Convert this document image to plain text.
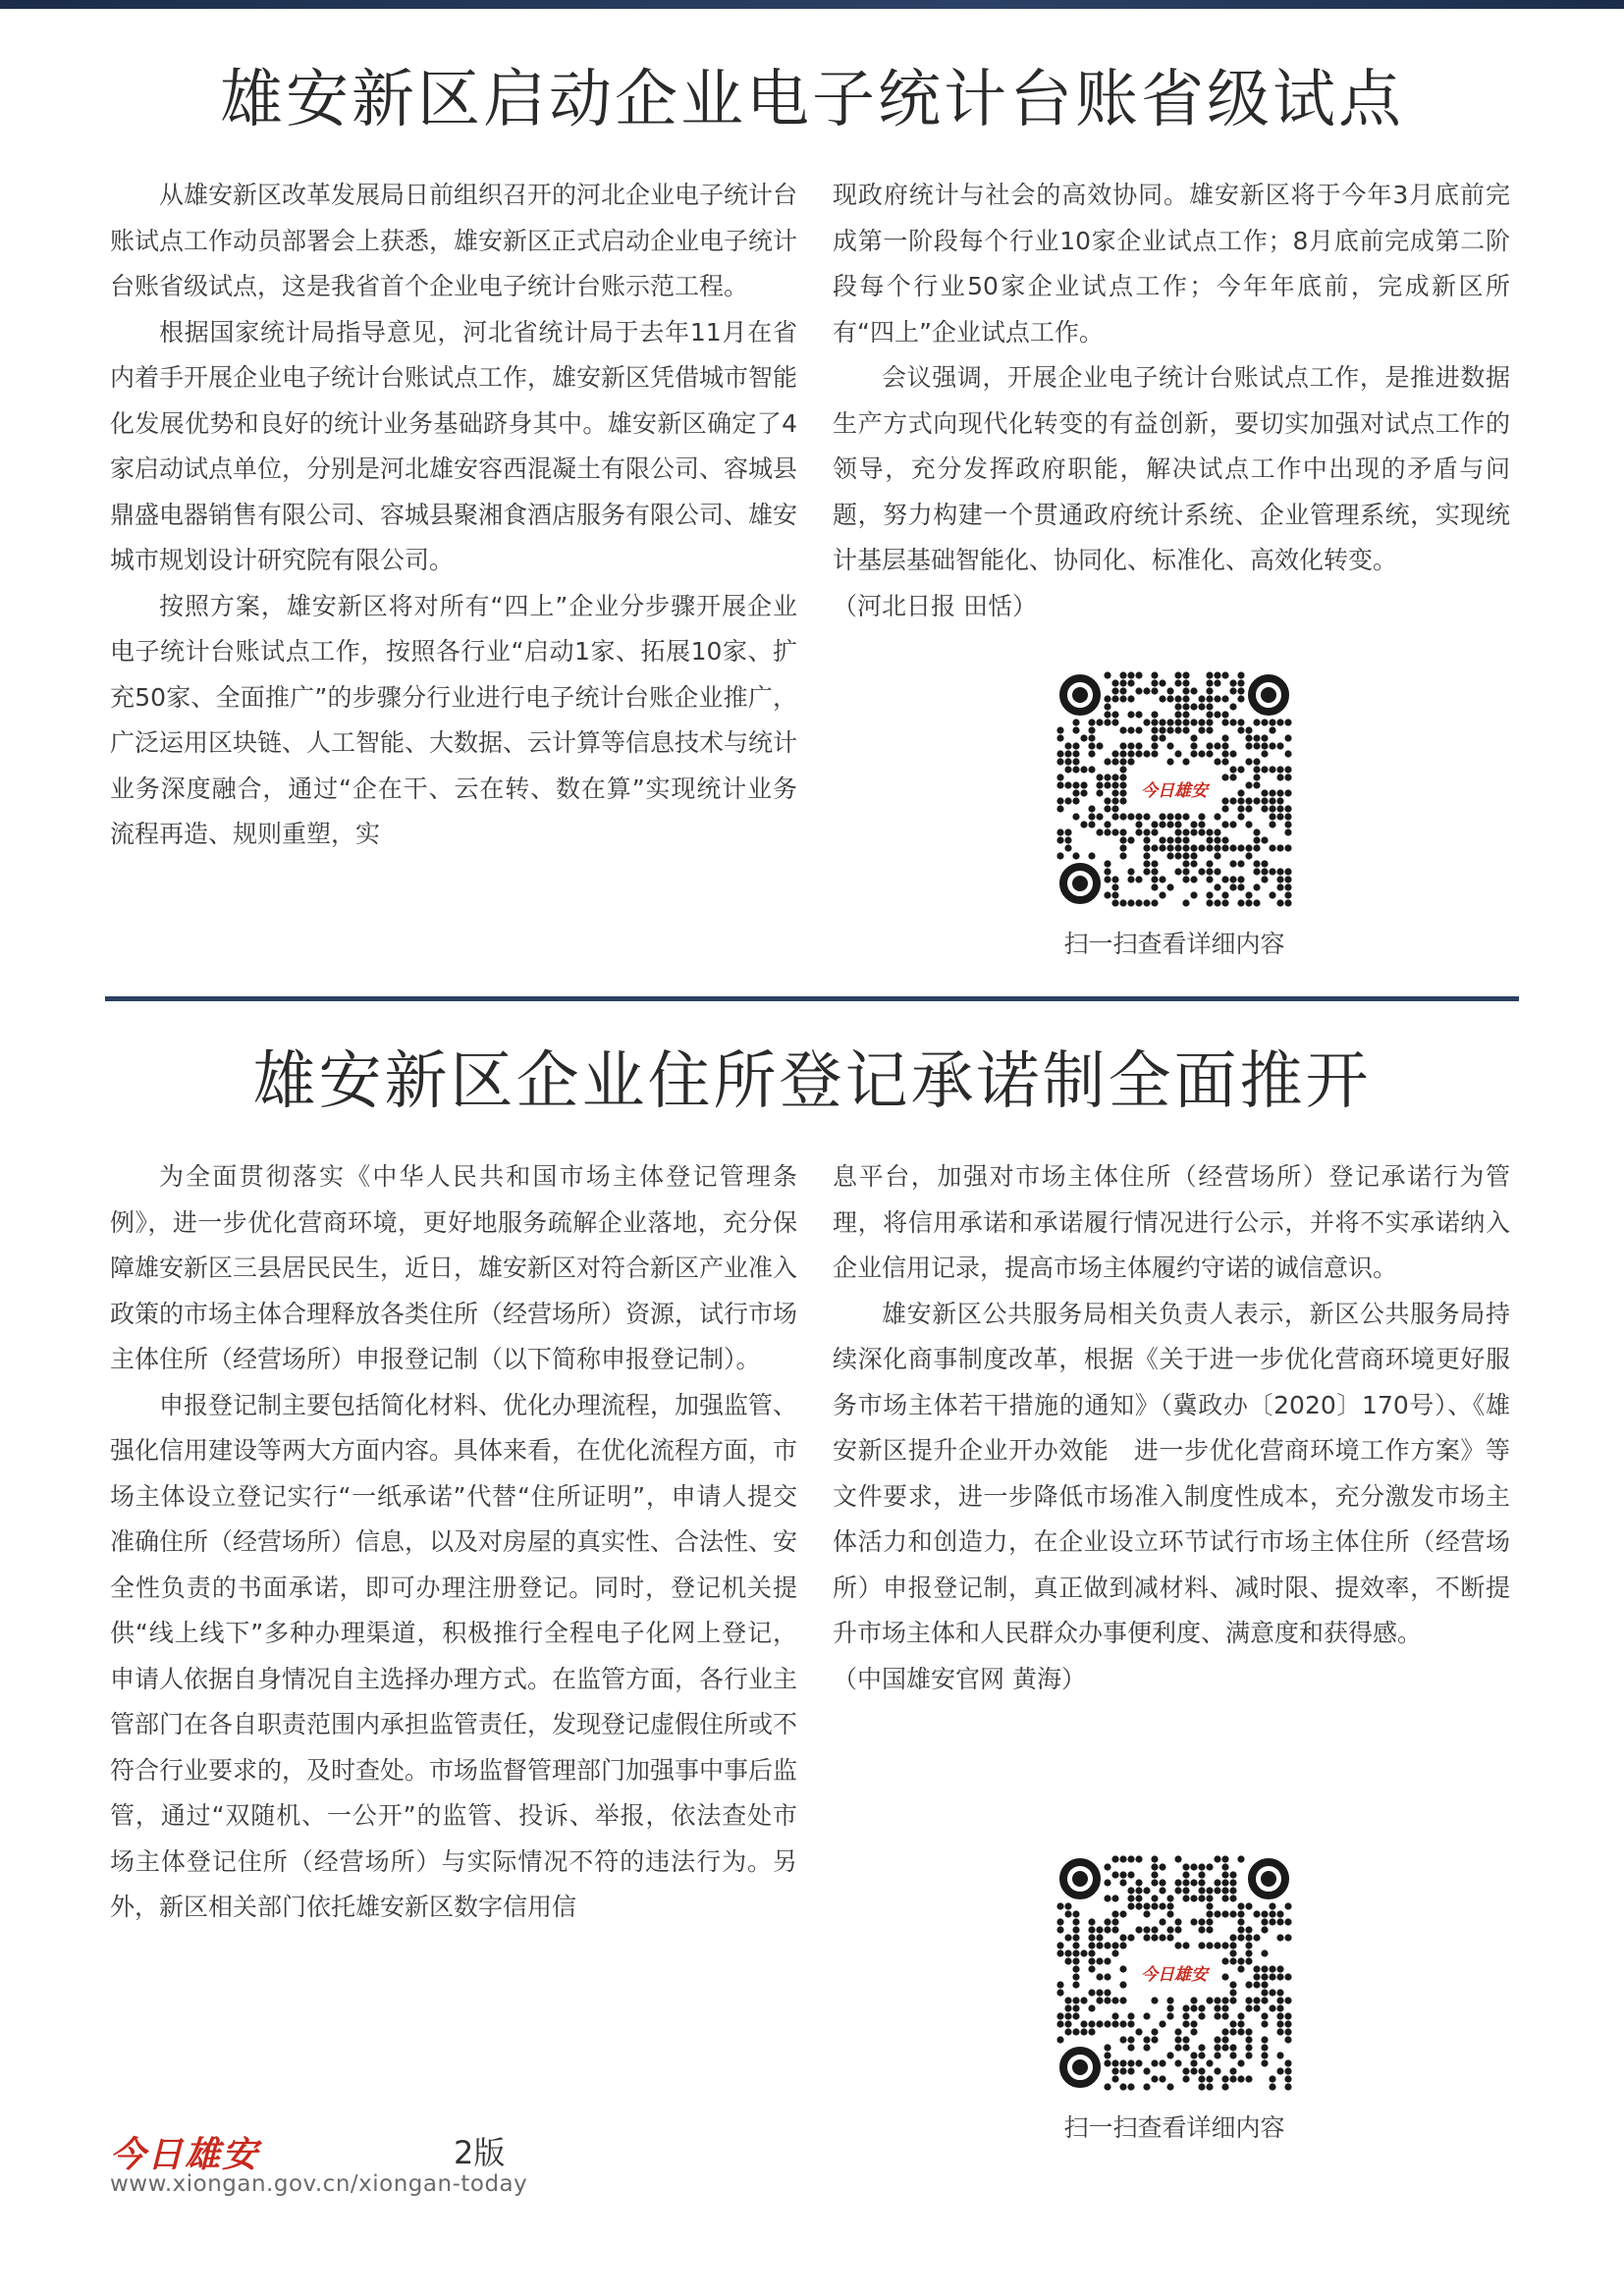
雄安新区启动企业电子统计台账省级试点

从雄安新区改革发展局日前组织召开的河北企业电子统计台账试点工作动员部署会上获悉，雄安新区正式启动企业电子统计台账省级试点，这是我省首个企业电子统计台账示范工程。

根据国家统计局指导意见，河北省统计局于去年11月在省内着手开展企业电子统计台账试点工作，雄安新区凭借城市智能化发展优势和良好的统计业务基础跻身其中。雄安新区确定了4家启动试点单位，分别是河北雄安容西混凝土有限公司、容城县鼎盛电器销售有限公司、容城县聚湘食酒店服务有限公司、雄安城市规划设计研究院有限公司。

按照方案，雄安新区将对所有“四上”企业分步骤开展企业电子统计台账试点工作，按照各行业“启动1家、拓展10家、扩充50家、全面推广”的步骤分行业进行电子统计台账企业推广，广泛运用区块链、人工智能、大数据、云计算等信息技术与统计业务深度融合，通过“企在干、云在转、数在算”实现统计业务流程再造、规则重塑，实

现政府统计与社会的高效协同。雄安新区将于今年3月底前完成第一阶段每个行业10家企业试点工作；8月底前完成第二阶段每个行业50家企业试点工作；今年年底前，完成新区所有“四上”企业试点工作。

会议强调，开展企业电子统计台账试点工作，是推进数据生产方式向现代化转变的有益创新，要切实加强对试点工作的领导，充分发挥政府职能，解决试点工作中出现的矛盾与问题，努力构建一个贯通政府统计系统、企业管理系统，实现统计基层基础智能化、协同化、标准化、高效化转变。

（河北日报 田恬）

今日雄安
扫一扫查看详细内容
雄安新区企业住所登记承诺制全面推开

为全面贯彻落实《中华人民共和国市场主体登记管理条例》，进一步优化营商环境，更好地服务疏解企业落地，充分保障雄安新区三县居民民生，近日，雄安新区对符合新区产业准入政策的市场主体合理释放各类住所（经营场所）资源，试行市场主体住所（经营场所）申报登记制（以下简称申报登记制）。

申报登记制主要包括简化材料、优化办理流程，加强监管、强化信用建设等两大方面内容。具体来看，在优化流程方面，市场主体设立登记实行“一纸承诺”代替“住所证明”，申请人提交准确住所（经营场所）信息，以及对房屋的真实性、合法性、安全性负责的书面承诺，即可办理注册登记。同时，登记机关提供“线上线下”多种办理渠道，积极推行全程电子化网上登记，申请人依据自身情况自主选择办理方式。在监管方面，各行业主管部门在各自职责范围内承担监管责任，发现登记虚假住所或不符合行业要求的，及时查处。市场监督管理部门加强事中事后监管，通过“双随机、一公开”的监管、投诉、举报，依法查处市场主体登记住所（经营场所）与实际情况不符的违法行为。另外，新区相关部门依托雄安新区数字信用信

息平台，加强对市场主体住所（经营场所）登记承诺行为管理，将信用承诺和承诺履行情况进行公示，并将不实承诺纳入企业信用记录，提高市场主体履约守诺的诚信意识。

雄安新区公共服务局相关负责人表示，新区公共服务局持续深化商事制度改革，根据《关于进一步优化营商环境更好服务市场主体若干措施的通知》（冀政办〔2020〕170号）、《雄安新区提升企业开办效能　进一步优化营商环境工作方案》等文件要求，进一步降低市场准入制度性成本，充分激发市场主体活力和创造力，在企业设立环节试行市场主体住所（经营场所）申报登记制，真正做到减材料、减时限、提效率，不断提升市场主体和人民群众办事便利度、满意度和获得感。

（中国雄安官网 黄海）

今日雄安
扫一扫查看详细内容
今日雄安	2版
www.xiongan.gov.cn/xiongan-today
